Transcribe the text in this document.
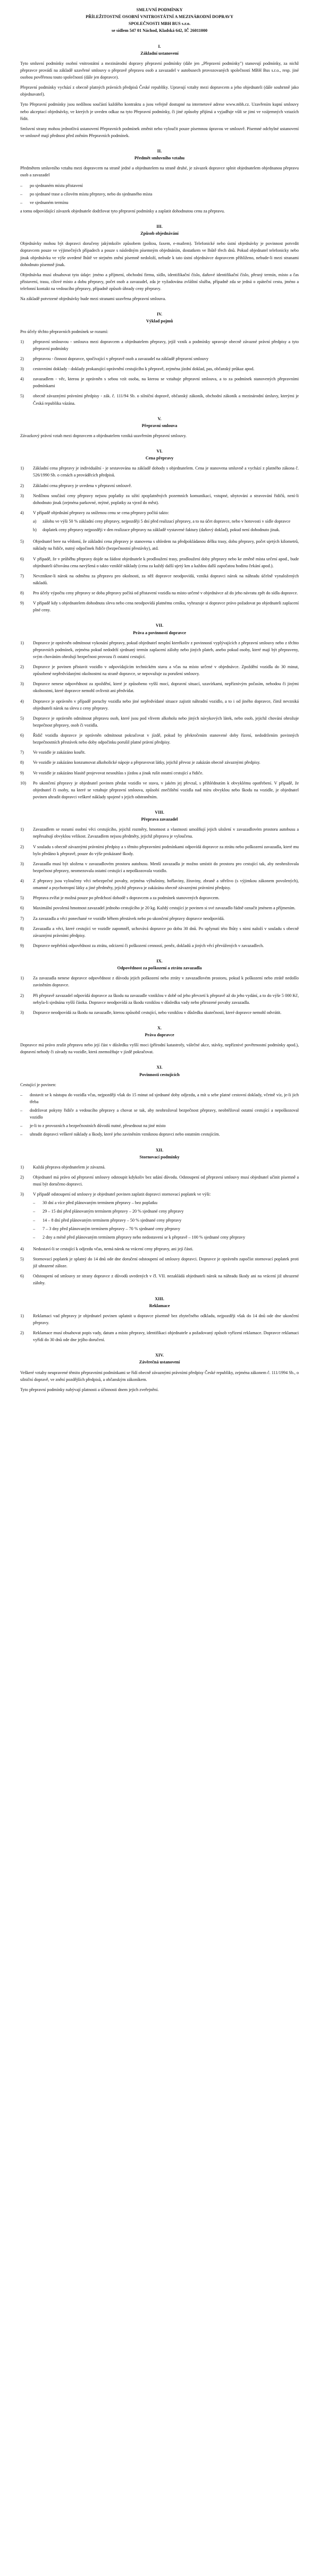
SMLUVNÍ PODMÍNKY

PŘÍLEŽITOSTNÉ OSOBNÍ VNITROSTÁTNÍ A MEZINÁRODNÍ DOPRAVY

SPOLEČNOSTI MBH BUS s.r.o.

se sídlem 547 01 Náchod, Kladská 642, IČ 26011000

I.

Základní ustanovení

Tyto smluvní podmínky osobní vnitrostátní a mezinárodní dopravy přepravní podmínky (dále jen „Přepravní podmínky") stanovují podmínky, za nichž přepravce provádí na základě uzavřené smlouvy o přepravě přepravu osob a zavazadel v autobusech provozovaných společností MBH Bus s.r.o., resp. jiné osobou pověřenou touto společností (dále jen dopravce).

Přepravní podmínky vychází z obecně platných právních předpisů České republiky. Upravují vztahy mezi dopravcem a jeho objednateli (dále souhrnně jako objednavatel).

Tyto Přepravní podmínky jsou nedílnou součástí každého kontraktu a jsou veřejně dostupné na internetové adrese www.mbh.cz. Uzavřením kupní smlouvy nebo akceptací objednávky, ve kterých je uveden odkaz na tyto Přepravní podmínky, či jiné způsoby přijímá a vyjadřuje vůli se jimi ve vzájemných vztazích řídit.

Smluvní strany mohou jednotlivá ustanovení Přepravních podmínek změnit nebo vyloučit pouze písemnou úpravou ve smlouvě. Písemné odchylné ustanovení ve smlouvě mají přednost před zněním Přepravních podmínek.

II.

Předmět smluvního vztahu

Předmětem smluvního vztahu mezi dopravcem na straně jedné a objednatelem na straně druhé, je závazek dopravce splnit objednatelem objednanou přepravu osob a zavazadel

–	po sjednaném místu přistavení
–	po sjednané trase a cílovém místu přepravy, nebo do sjednaného místa
–	ve sjednaném termínu

a tomu odpovídající závazek objednatele dodržovat tyto přepravní podmínky a zaplatit dohodnutou cenu za přepravu.

III.

Způsob objednávání

Objednávky mohou být dopravci doručeny jakýmkoliv způsobem (poštou, faxem, e-mailem). Telefonické nebo ústní objednávky je povinnost potvrdit dopravcem pouze ve výjimečných případech a pouze s následným písemným objednáním, dostatkem ve lhůtě třech dnů. Pokud objednatel telefonicky nebo jinak objednávku ve výše uvedené lhůtě ve stejném znění písemně nedoloží, nebude k tato ústní objednávce dopravcem přihlíženo, nebude-li mezi stranami dohodnuto písemně jinak.

Objednávka musí obsahovat tyto údaje: jméno a příjmení, obchodní firmu, sídlo, identifikační číslo, daňové identifikační číslo, přesný termín, místo a čas přistavení, trasu, cílové místo a dobu přepravy, počet osob a zavazadel, zda je vyžadována zvláštní služba, případně zda se jedná o zpáteční cestu, jméno a telefonní kontakt na vedoucího přepravy, případně způsob úhrady ceny přepravy.

Na základě potvrzené objednávky bude mezi stranami uzavřena přepravní smlouva.

IV.

Výklad pojmů

Pro účely těchto přepravních podmínek se rozumí:

1)	přepravní smlouvou - smlouva mezi dopravcem a objednatelem přepravy, jejíž vznik a podmínky upravuje obecně závazné právní předpisy a tyto přepravní podmínky
2)	přepravou - činnost dopravce, spočívající v přepravě osob a zavazadel na základě přepravní smlouvy
3)	cestovními doklady - doklady prokazující oprávnění cestujícího k přepravě, zejména jízdní doklad, pas, občanský průkaz apod.
4)	zavazadlem - věc, kterou je oprávněn s sebou vzít osoba, na kterou se vztahuje přepravní smlouva, a to za podmínek stanovených přepravními podmínkami
5)	obecně závaznými právními předpisy - zák. č. 111/94 Sb. o silniční dopravě, občanský zákoník, obchodní zákoník a mezinárodní úmluvy, kterými je Česká republika vázána.

V.

Přepravní smlouva

Závazkový právní vztah mezi dopravcem a objednatelem vzniká uzavřením přepravní smlouvy.

VI.

Cena přepravy

1)	Základní cena přepravy je individuální - je sestavována na základě dohody s objednatelem. Cena je stanovena smluvně a vychází z platného zákona č. 526/1990 Sb. o cenách a prováděcích předpisů.
2)	Základní cena přepravy je uvedena v přepravní smlouvě.
3)	Nedílnou součástí ceny přepravy nejsou poplatky za užití zpoplatněných pozemních komunikací, vstupné, ubytování a stravování řidičů, není-li dohodnuto jinak (zejména parkovné, mýtné, poplatky za vjezd do měst).
4)	V případě objednání přepravy za sníženou cenu se cena přepravy počítá takto:
a)	zálohu ve výši 50 % základní ceny přepravy, nejpozději 5 dní před realizací přepravy, a to na účet dopravce, nebo v hotovosti v sídle dopravce
b)	doplatek ceny přepravy nejpozději v den realizace přepravy na základě vystavené faktury (daňový doklad), pokud není dohodnuto jinak.
5)	Objednatel bere na vědomí, že základní cena přepravy je stanovena s ohledem na předpokládanou délku trasy, dobu přepravy, počet ujetých kilometrů, náklady na řidiče, nutný odpočinek řidiče (bezpečnostní přestávky), atd.
6)	V případě, že v průběhu přepravy dojde na žádost objednatele k prodloužení trasy, prodloužení doby přepravy nebo ke změně místa určení apod., bude objednateli účtována cena navýšená o takto vzniklé náklady (cena za každý další ujetý km a každou další započatou hodinu čekání apod.).
7)	Nevznikne-li nárok na odměnu za přepravu pro okolnosti, za něž dopravce neodpovídá, vzniká dopravci nárok na náhradu účelně vynaložených nákladů.
8)	Pro účely výpočtu ceny přepravy se doba přepravy počítá od přistavení vozidla na místo určené v objednávce až do jeho návratu zpět do sídla dopravce.
9)	V případě kdy s objednatelem dohodnuta sleva nebo cena neodpovídá platnému ceníku, vyhrazuje si dopravce právo požadovat po objednateli zaplacení plné ceny.

VII.

Práva a povinnosti dopravce

1)	Dopravce je oprávněn odmítnout vykonání přepravy, pokud objednatel nesplní kterékoliv z povinností vyplývajících z přepravní smlouvy nebo z těchto přepravních podmínek, zejména pokud nedodrží sjednaný termín zaplacení zálohy nebo jiných plateb, anebo pokud osoby, které mají být přepraveny, svým chováním ohrožují bezpečnost provozu či ostatní cestující.
2)	Dopravce je povinen přistavit vozidlo v odpovídajícím technickém stavu a včas na místo určené v objednávce. Zpoždění vozidla do 30 minut, způsobené nepředvídanými okolnostmi na straně dopravce, se nepovažuje za porušení smlouvy.
3)	Dopravce nenese odpovědnost za zpoždění, které je způsobeno vyšší mocí, dopravní situací, uzavírkami, nepříznivým počasím, nehodou či jinými okolnostmi, které dopravce nemohl ovlivnit ani předvídat.
4)	Dopravce je oprávněn v případě poruchy vozidla nebo jiné nepředvídané situace zajistit náhradní vozidlo, a to i od jiného dopravce, čímž nevzniká objednateli nárok na slevu z ceny přepravy.
5)	Dopravce je oprávněn odmítnout přepravu osob, které jsou pod vlivem alkoholu nebo jiných návykových látek, nebo osob, jejichž chování ohrožuje bezpečnost přepravy, osob či vozidla.
6)	Řidič vozidla dopravce je oprávněn odmítnout pokračovat v jízdě, pokud by překročením stanovené doby řízení, nedodržením povinných bezpečnostních přestávek nebo doby odpočinku porušil platné právní předpisy.
7)	Ve vozidle je zakázáno kouřit.
8)	Ve vozidle je zakázáno konzumovat alkoholické nápoje a přepravovat látky, jejichž převoz je zakázán obecně závaznými předpisy.
9)	Ve vozidle je zakázáno hlasitě projevovat nesouhlas s jízdou a jinak rušit ostatní cestující a řidiče.
10)	Po ukončení přepravy je objednatel povinen předat vozidlo ve stavu, v jakém jej převzal, s přihlédnutím k obvyklému opotřebení. V případě, že objednatel či osoby, na které se vztahuje přepravní smlouva, způsobí znečištění vozidla nad míru obvyklou nebo škodu na vozidle, je objednatel povinen uhradit dopravci veškeré náklady spojené s jejich odstraněním.

VIII.

Přeprava zavazadel

1)	Zavazadlem se rozumí osobní věci cestujícího, jejichž rozměry, hmotnost a vlastnosti umožňují jejich uložení v zavazadlovém prostoru autobusu a nepřesahují obvyklou velikost. Zavazadlem nejsou předměty, jejichž přeprava je vyloučena.
2)	V souladu s obecně závaznými právními předpisy a s těmito přepravními podmínkami odpovídá dopravce za ztrátu nebo poškození zavazadla, které mu bylo předáno k přepravě, pouze do výše prokázané škody.
3)	Zavazadla musí být uložena v zavazadlovém prostoru autobusu. Menší zavazadla je možno umístit do prostoru pro cestující tak, aby neohrožovala bezpečnost přepravy, neomezovala ostatní cestující a nepoškozovala vozidlo.
4)	Z přepravy jsou vyloučeny věci nebezpečné povahy, zejména výbušniny, hořlaviny, žíraviny, zbraně a střelivo (s výjimkou zákonem povolených), omamné a psychotropní látky a jiné předměty, jejichž přeprava je zakázána obecně závaznými právními předpisy.
5)	Přeprava zvířat je možná pouze po předchozí dohodě s dopravcem a za podmínek stanovených dopravcem.
6)	Maximální povolená hmotnost zavazadel jednoho cestujícího je 20 kg. Každý cestující je povinen si své zavazadlo řádně označit jménem a příjmením.
7)	Za zavazadla a věci ponechané ve vozidle během přestávek nebo po ukončení přepravy dopravce neodpovídá.
8)	Zavazadla a věci, které cestující ve vozidle zapomněl, uchovává dopravce po dobu 30 dnů. Po uplynutí této lhůty s nimi naloží v souladu s obecně závaznými právními předpisy.
9)	Dopravce nepřebírá odpovědnost za ztrátu, odcizení či poškození cenností, peněz, dokladů a jiných věcí převážených v zavazadlech.

IX.

Odpovědnost za poškození a ztrátu zavazadla

1)	Za zavazadla nenese dopravce odpovědnost z důvodu jejich poškození nebo ztráty v zavazadlovém prostoru, pokud k poškození nebo ztrátě nedošlo zaviněním dopravce.
2)	Při přepravě zavazadel odpovídá dopravce za škodu na zavazadle vzniklou v době od jeho převzetí k přepravě až do jeho vydání, a to do výše 5 000 Kč, nebyla-li sjednána vyšší částka. Dopravce neodpovídá za škodu vzniklou v důsledku vady nebo přirozené povahy zavazadla.
3)	Dopravce neodpovídá za škodu na zavazadle, kterou způsobil cestující, nebo vzniklou v důsledku skutečností, které dopravce nemohl odvrátit.

X.

Práva dopravce

Dopravce má právo zrušit přepravu nebo její část v důsledku vyšší moci (přírodní katastrofy, válečné akce, stávky, nepříznivé povětrnostní podmínky apod.), dopravní nehody či závady na vozidle, která znemožňuje v jízdě pokračovat.

XI.

Povinnosti cestujících

Cestující je povinen:

–	dostavit se k nástupu do vozidla včas, nejpozději však do 15 minut od sjednané doby odjezdu, a mít u sebe platné cestovní doklady, včetně víz, je-li jich třeba
–	dodržovat pokyny řidiče a vedoucího přepravy a chovat se tak, aby neohrožoval bezpečnost přepravy, neobtěžoval ostatní cestující a nepoškozoval vozidlo
–	je-li to z provozních a bezpečnostních důvodů nutné, přesednout na jiné místo
–	uhradit dopravci veškeré náklady a škody, které jeho zaviněním vzniknou dopravci nebo ostatním cestujícím.

XII.

Stornovací podmínky

1)	Každá přeprava objednatelem je závazná.
2)	Objednatel má právo od přepravní smlouvy odstoupit kdykoliv bez udání důvodu. Odstoupení od přepravní smlouvy musí objednatel učinit písemně a musí být doručeno dopravci.
3)	V případě odstoupení od smlouvy je objednatel povinen zaplatit dopravci stornovací poplatek ve výši:
–	30 dní a více před plánovaným termínem přepravy – bez poplatku
–	29 – 15 dní před plánovaným termínem přepravy – 20 % sjednané ceny přepravy
–	14 – 8 dní před plánovaným termínem přepravy – 50 % sjednané ceny přepravy
–	7 – 3 dny před plánovaným termínem přepravy – 70 % sjednané ceny přepravy
–	2 dny a méně před plánovaným termínem přepravy nebo nedostavení se k přepravě – 100 % sjednané ceny přepravy
4)	Nedostaví-li se cestující k odjezdu včas, nemá nárok na vrácení ceny přepravy, ani její části.
5)	Stornovací poplatek je splatný do 14 dnů ode dne doručení odstoupení od smlouvy dopravci. Dopravce je oprávněn započíst stornovací poplatek proti již uhrazené záloze.
6)	Odstoupení od smlouvy ze strany dopravce z důvodů uvedených v čl. VII. nezakládá objednateli nárok na náhradu škody ani na vrácení již uhrazené zálohy.

XIII.

Reklamace

1)	Reklamaci vad přepravy je objednatel povinen uplatnit u dopravce písemně bez zbytečného odkladu, nejpozději však do 14 dnů ode dne ukončení přepravy.
2)	Reklamace musí obsahovat popis vady, datum a místo přepravy, identifikaci objednatele a požadovaný způsob vyřízení reklamace. Dopravce reklamaci vyřídí do 30 dnů ode dne jejího doručení.

XIV.

Závěrečná ustanovení

Veškeré vztahy neupravené těmito přepravními podmínkami se řídí obecně závaznými právními předpisy České republiky, zejména zákonem č. 111/1994 Sb., o silniční dopravě, ve znění pozdějších předpisů, a občanským zákoníkem.

Tyto přepravní podmínky nabývají platnosti a účinnosti dnem jejich zveřejnění.
